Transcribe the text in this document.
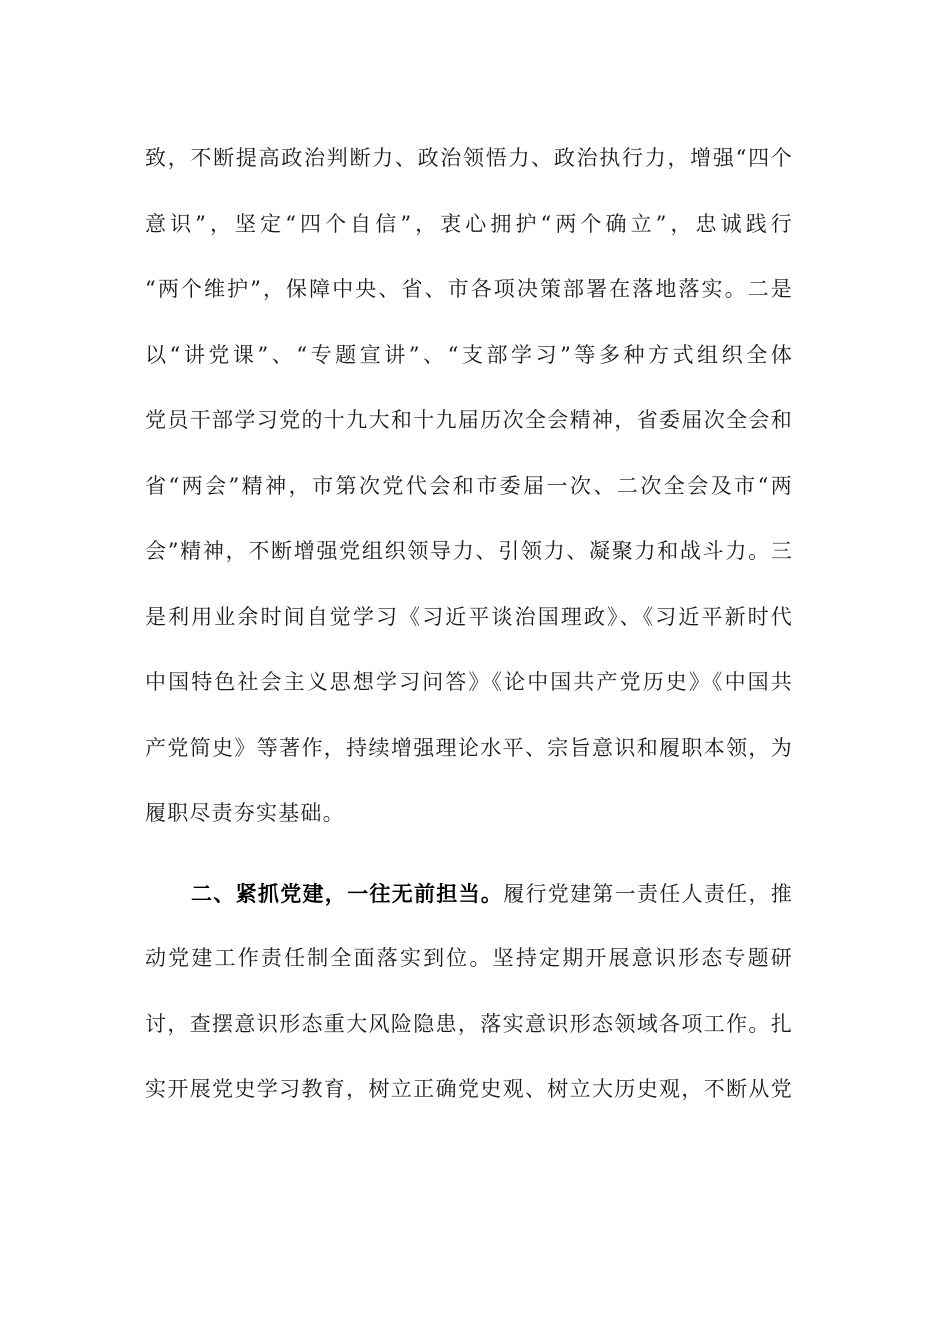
致，不断提高政治判断力、政治领悟力、政治执行力，增强“四个
意识”，坚定“四个自信”，衷心拥护“两个确立”，忠诚践行
“两个维护”，保障中央、省、市各项决策部署在落地落实。二是
以“讲党课”、“专题宣讲”、“支部学习”等多种方式组织全体
党员干部学习党的十九大和十九届历次全会精神，省委届次全会和
省“两会”精神，市第次党代会和市委届一次、二次全会及市“两
会”精神，不断增强党组织领导力、引领力、凝聚力和战斗力。三
是利用业余时间自觉学习《习近平谈治国理政》、《习近平新时代
中国特色社会主义思想学习问答》《论中国共产党历史》《中国共
产党简史》等著作，持续增强理论水平、宗旨意识和履职本领，为
履职尽责夯实基础。
二、紧抓党建，一往无前担当。履行党建第一责任人责任，推
动党建工作责任制全面落实到位。坚持定期开展意识形态专题研
讨，查摆意识形态重大风险隐患，落实意识形态领域各项工作。扎
实开展党史学习教育，树立正确党史观、树立大历史观，不断从党
